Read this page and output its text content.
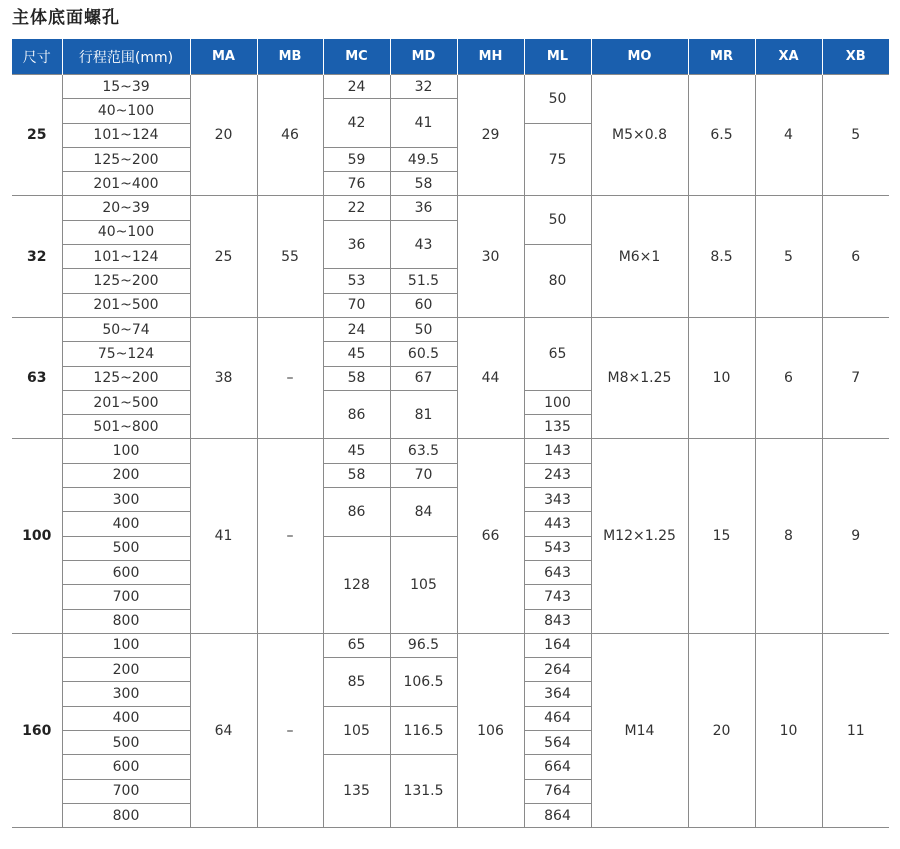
主体底面螺孔
尺寸	行程范围(mm)	MA	MB	MC	MD	MH	ML	MO	MR	XA	XB
25	15~39	20	46	24	32	29	50	M5×0.8	6.5	4	5
	40~100			42	41						
	101~124						75				
	125~200			59	49.5						
	201~400			76	58						
32	20~39	25	55	22	36	30	50	M6×1	8.5	5	6
	40~100			36	43						
	101~124						80				
	125~200			53	51.5						
	201~500			70	60						
63	50~74	38	–	24	50	44	65	M8×1.25	10	6	7
	75~124			45	60.5						
	125~200			58	67						
	201~500			86	81		100				
	501~800						135				
100	100	41	–	45	63.5	66	143	M12×1.25	15	8	9
	200			58	70		243				
	300			86	84		343				
	400						443				
	500			128	105		543				
	600						643				
	700						743				
	800						843				
160	100	64	–	65	96.5	106	164	M14	20	10	11
	200			85	106.5		264				
	300						364				
	400			105	116.5		464				
	500						564				
	600			135	131.5		664				
	700						764				
	800						864				
